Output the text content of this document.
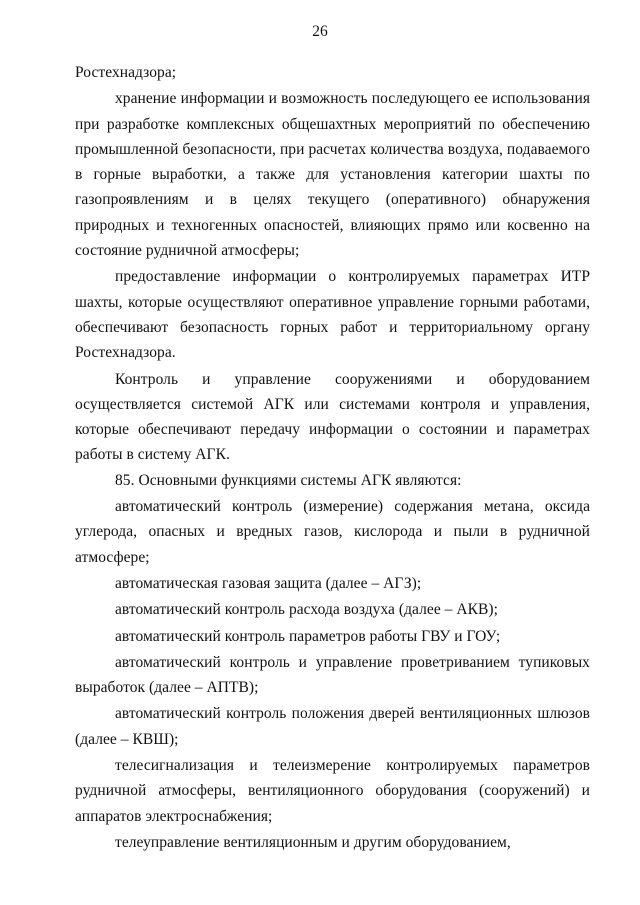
26

Ростехнадзора;

хранение информации и возможность последующего ее использования при разработке комплексных общешахтных мероприятий по обеспечению промышленной безопасности, при расчетах количества воздуха, подаваемого в горные выработки, а также для установления категории шахты по газопроявлениям и в целях текущего (оперативного) обнаружения природных и техногенных опасностей, влияющих прямо или косвенно на состояние рудничной атмосферы;

предоставление информации о контролируемых параметрах ИТР шахты, которые осуществляют оперативное управление горными работами, обеспечивают безопасность горных работ и территориальному органу Ростехнадзора.

Контроль и управление сооружениями и оборудованием осуществляется системой АГК или системами контроля и управления, которые обеспечивают передачу информации о состоянии и параметрах работы в систему АГК.

85. Основными функциями системы АГК являются:

автоматический контроль (измерение) содержания метана, оксида углерода, опасных и вредных газов, кислорода и пыли в рудничной атмосфере;

автоматическая газовая защита (далее – АГЗ);

автоматический контроль расхода воздуха (далее – АКВ);

автоматический контроль параметров работы ГВУ и ГОУ;

автоматический контроль и управление проветриванием тупиковых выработок (далее – АПТВ);

автоматический контроль положения дверей вентиляционных шлюзов (далее – КВШ);

телесигнализация и телеизмерение контролируемых параметров рудничной атмосферы, вентиляционного оборудования (сооружений) и аппаратов электроснабжения;

телеуправление вентиляционным и другим оборудованием,
